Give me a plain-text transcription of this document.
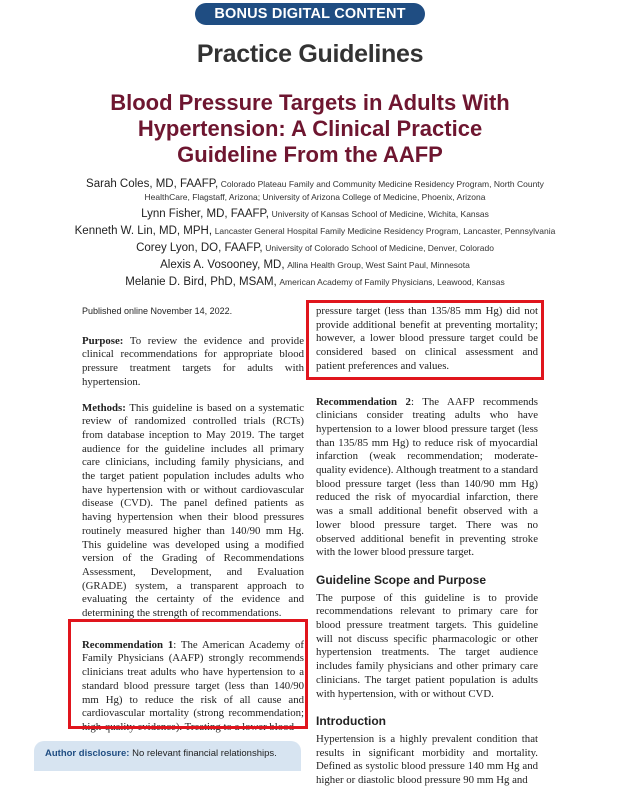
BONUS DIGITAL CONTENT
Practice Guidelines
Blood Pressure Targets in Adults With
Hypertension: A Clinical Practice
Guideline From the AAFP
Sarah Coles, MD, FAAFP, Colorado Plateau Family and Community Medicine Residency Program, North County HealthCare, Flagstaff, Arizona; University of Arizona College of Medicine, Phoenix, Arizona
Lynn Fisher, MD, FAAFP, University of Kansas School of Medicine, Wichita, Kansas
Kenneth W. Lin, MD, MPH, Lancaster General Hospital Family Medicine Residency Program, Lancaster, Pennsylvania
Corey Lyon, DO, FAAFP, University of Colorado School of Medicine, Denver, Colorado
Alexis A. Vosooney, MD, Allina Health Group, West Saint Paul, Minnesota
Melanie D. Bird, PhD, MSAM, American Academy of Family Physicians, Leawood, Kansas

Published online November 14, 2022.

Purpose: To review the evidence and provide clinical recommendations for appropriate blood pressure treatment targets for adults with hypertension.

Methods: This guideline is based on a systematic review of randomized controlled trials (RCTs) from database inception to May 2019. The target audience for the guideline includes all primary care clinicians, including family physicians, and the target patient population includes adults who have hypertension with or without cardiovascular disease (CVD). The panel defined patients as having hypertension when their blood pressures routinely measured higher than 140/90 mm Hg. This guideline was developed using a modified version of the Grading of Recommendations Assessment, Development, and Evaluation (GRADE) system, a transparent approach to evaluating the certainty of the evidence and determining the strength of recommendations.

Recommendation 1: The American Academy of Family Physicians (AAFP) strongly recommends clinicians treat adults who have hypertension to a standard blood pressure target (less than 140/90 mm Hg) to reduce the risk of all cause and cardiovascular mortality (strong recommendation; high-quality evidence). Treating to a lower blood

pressure target (less than 135/85 mm Hg) did not provide additional benefit at preventing mortality; however, a lower blood pressure target could be considered based on clinical assessment and patient preferences and values.

Recommendation 2: The AAFP recommends clinicians consider treating adults who have hypertension to a lower blood pressure target (less than 135/85 mm Hg) to reduce risk of myocardial infarction (weak recommendation; moderate-quality evidence). Although treatment to a standard blood pressure target (less than 140/90 mm Hg) reduced the risk of myocardial infarction, there was a small additional benefit observed with a lower blood pressure target. There was no observed additional benefit in preventing stroke with the lower blood pressure target.

Guideline Scope and Purpose

The purpose of this guideline is to provide recommendations relevant to primary care for blood pressure treatment targets. This guideline will not discuss specific pharmacologic or other hypertension treatments. The target audience includes family physicians and other primary care clinicians. The target patient population is adults with hypertension, with or without CVD.

Introduction

Hypertension is a highly prevalent condition that results in significant morbidity and mortality. Defined as systolic blood pressure 140 mm Hg and higher or diastolic blood pressure 90 mm Hg and

Author disclosure: No relevant financial relationships.
